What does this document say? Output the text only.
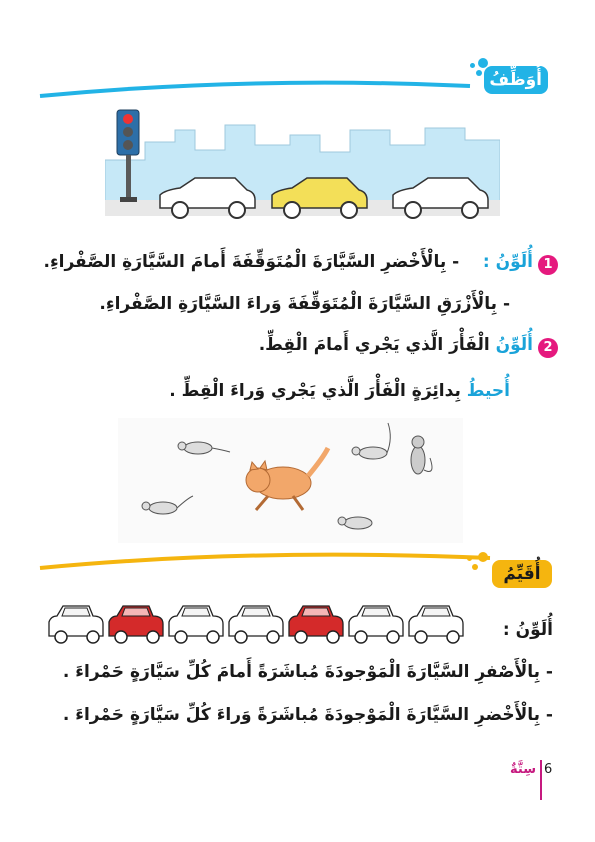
أُوَظِّفُ
1
أُلَوِّنُ :    - بِالْأَخْضرِ السَّيَّارَةَ الْمُتَوَقِّفَةَ أَمامَ السَّيَّارَةِ الصَّفْراءِ.
- بِالْأَزْرَقِ السَّيَّارَةَ الْمُتَوَقِّفَةَ وَراءَ السَّيَّارَةِ الصَّفْراءِ.
2
أُلَوِّنُ الْفَأْرَ الَّذي يَجْري أَمامَ الْقِطِّ.
أُحيطُ بِدائِرَةٍ الْفَأْرَ الَّذي يَجْري وَراءَ الْقِطِّ .
أُقَيِّمُ
أُلَوِّنُ :
- بِالْأَصْفرِ السَّيَّارَةَ الْمَوْجودَةَ مُباشَرَةً أَمامَ كُلِّ سَيَّارَةٍ حَمْراءَ .
- بِالْأَخْضرِ السَّيَّارَةَ الْمَوْجودَةَ مُباشَرَةً وَراءَ كُلِّ سَيَّارَةٍ حَمْراءَ .
6
سِتَّةٌ
